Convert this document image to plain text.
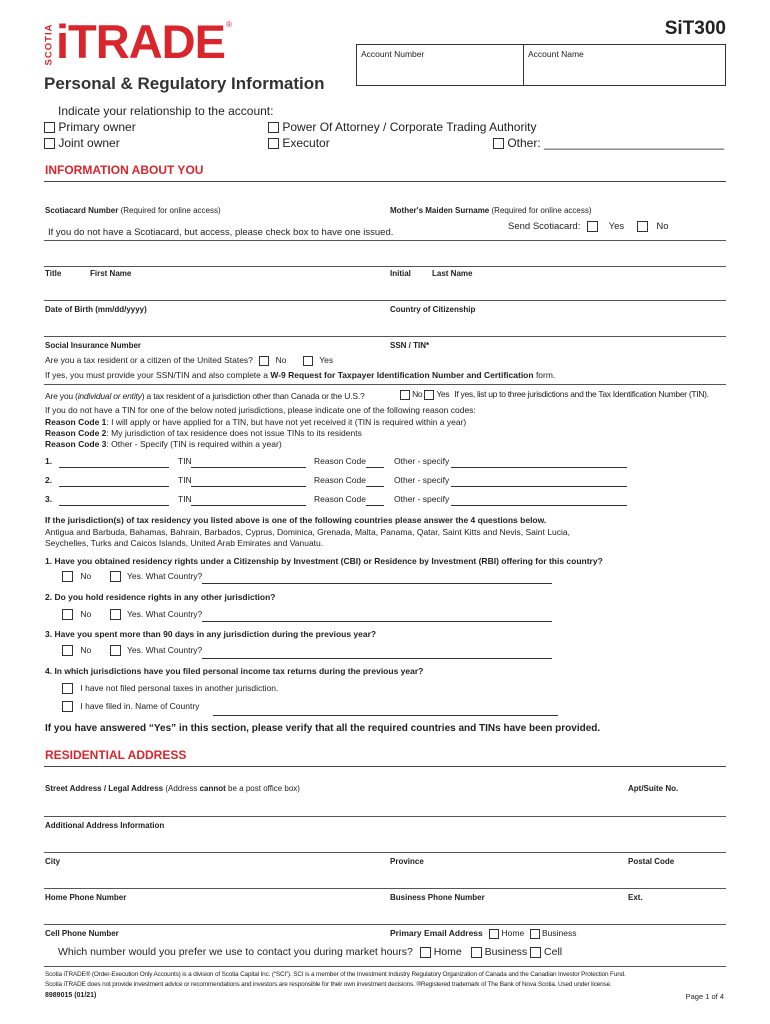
SCOTIA iTRADE ®	SiT300
Account Number	Account Name
Personal & Regulatory Information
Indicate your relationship to the account:
Primary owner
Joint owner
Power Of Attorney / Corporate Trading Authority
Executor	Other: ___________________________
INFORMATION ABOUT YOU
Scotiacard Number (Required for online access)	Mother's Maiden Surname (Required for online access)
If you do not have a Scotiacard, but access, please check box to have one issued.
Send Scotiacard:	Yes	No
Title	First Name	Initial	Last Name
Date of Birth (mm/dd/yyyy)	Country of Citizenship
Social Insurance Number	SSN / TIN*
Are you a tax resident or a citizen of the United States?	No	Yes
If yes, you must provide your SSN/TIN and also complete a W-9 Request for Taxpayer Identification Number and Certification form.
Are you (individual or entity) a tax resident of a jurisdiction other than Canada or the U.S.?	No Yes If yes, list up to three jurisdictions and the Tax Identification Number (TIN).
If you do not have a TIN for one of the below noted jurisdictions, please indicate one of the following reason codes:
Reason Code 1: I will apply or have applied for a TIN, but have not yet received it (TIN is required within a year)
Reason Code 2: My jurisdiction of tax residence does not issue TINs to its residents
Reason Code 3: Other - Specify (TIN is required within a year)
1.	TIN	Reason Code	Other - specify
2.	TIN	Reason Code	Other - specify
3.	TIN	Reason Code	Other - specify
If the jurisdiction(s) of tax residency you listed above is one of the following countries please answer the 4 questions below.
Antigua and Barbuda, Bahamas, Bahrain, Barbados, Cyprus, Dominica, Grenada, Malta, Panama, Qatar, Saint Kitts and Nevis, Saint Lucia,
Seychelles, Turks and Caicos Islands, United Arab Emirates and Vanuatu.
1. Have you obtained residency rights under a Citizenship by Investment (CBI) or Residence by Investment (RBI) offering for this country?
No	Yes. What Country?
2. Do you hold residence rights in any other jurisdiction?
No	Yes. What Country?
3. Have you spent more than 90 days in any jurisdiction during the previous year?
No	Yes. What Country?
4. In which jurisdictions have you filed personal income tax returns during the previous year?
I have not filed personal taxes in another jurisdiction.
I have filed in. Name of Country
If you have answered “Yes” in this section, please verify that all the required countries and TINs have been provided.
RESIDENTIAL ADDRESS
Street Address / Legal Address (Address cannot be a post office box)	Apt/Suite No.
Additional Address Information
City	Province	Postal Code
Home Phone Number	Business Phone Number	Ext.
Cell Phone Number	Primary Email Address Home Business
Which number would you prefer we use to contact you during market hours? Home Business Cell
Scotia iTRADE® (Order-Execution Only Accounts) is a division of Scotia Capital Inc. (“SCI”). SCI is a member of the Investment Industry Regulatory Organization of Canada and the Canadian Investor Protection Fund.
Scotia iTRADE does not provide investment advice or recommendations and investors are responsible for their own investment decisions. ®Registered trademark of The Bank of Nova Scotia. Used under license.
8989015 (01/21)	Page 1 of 4
